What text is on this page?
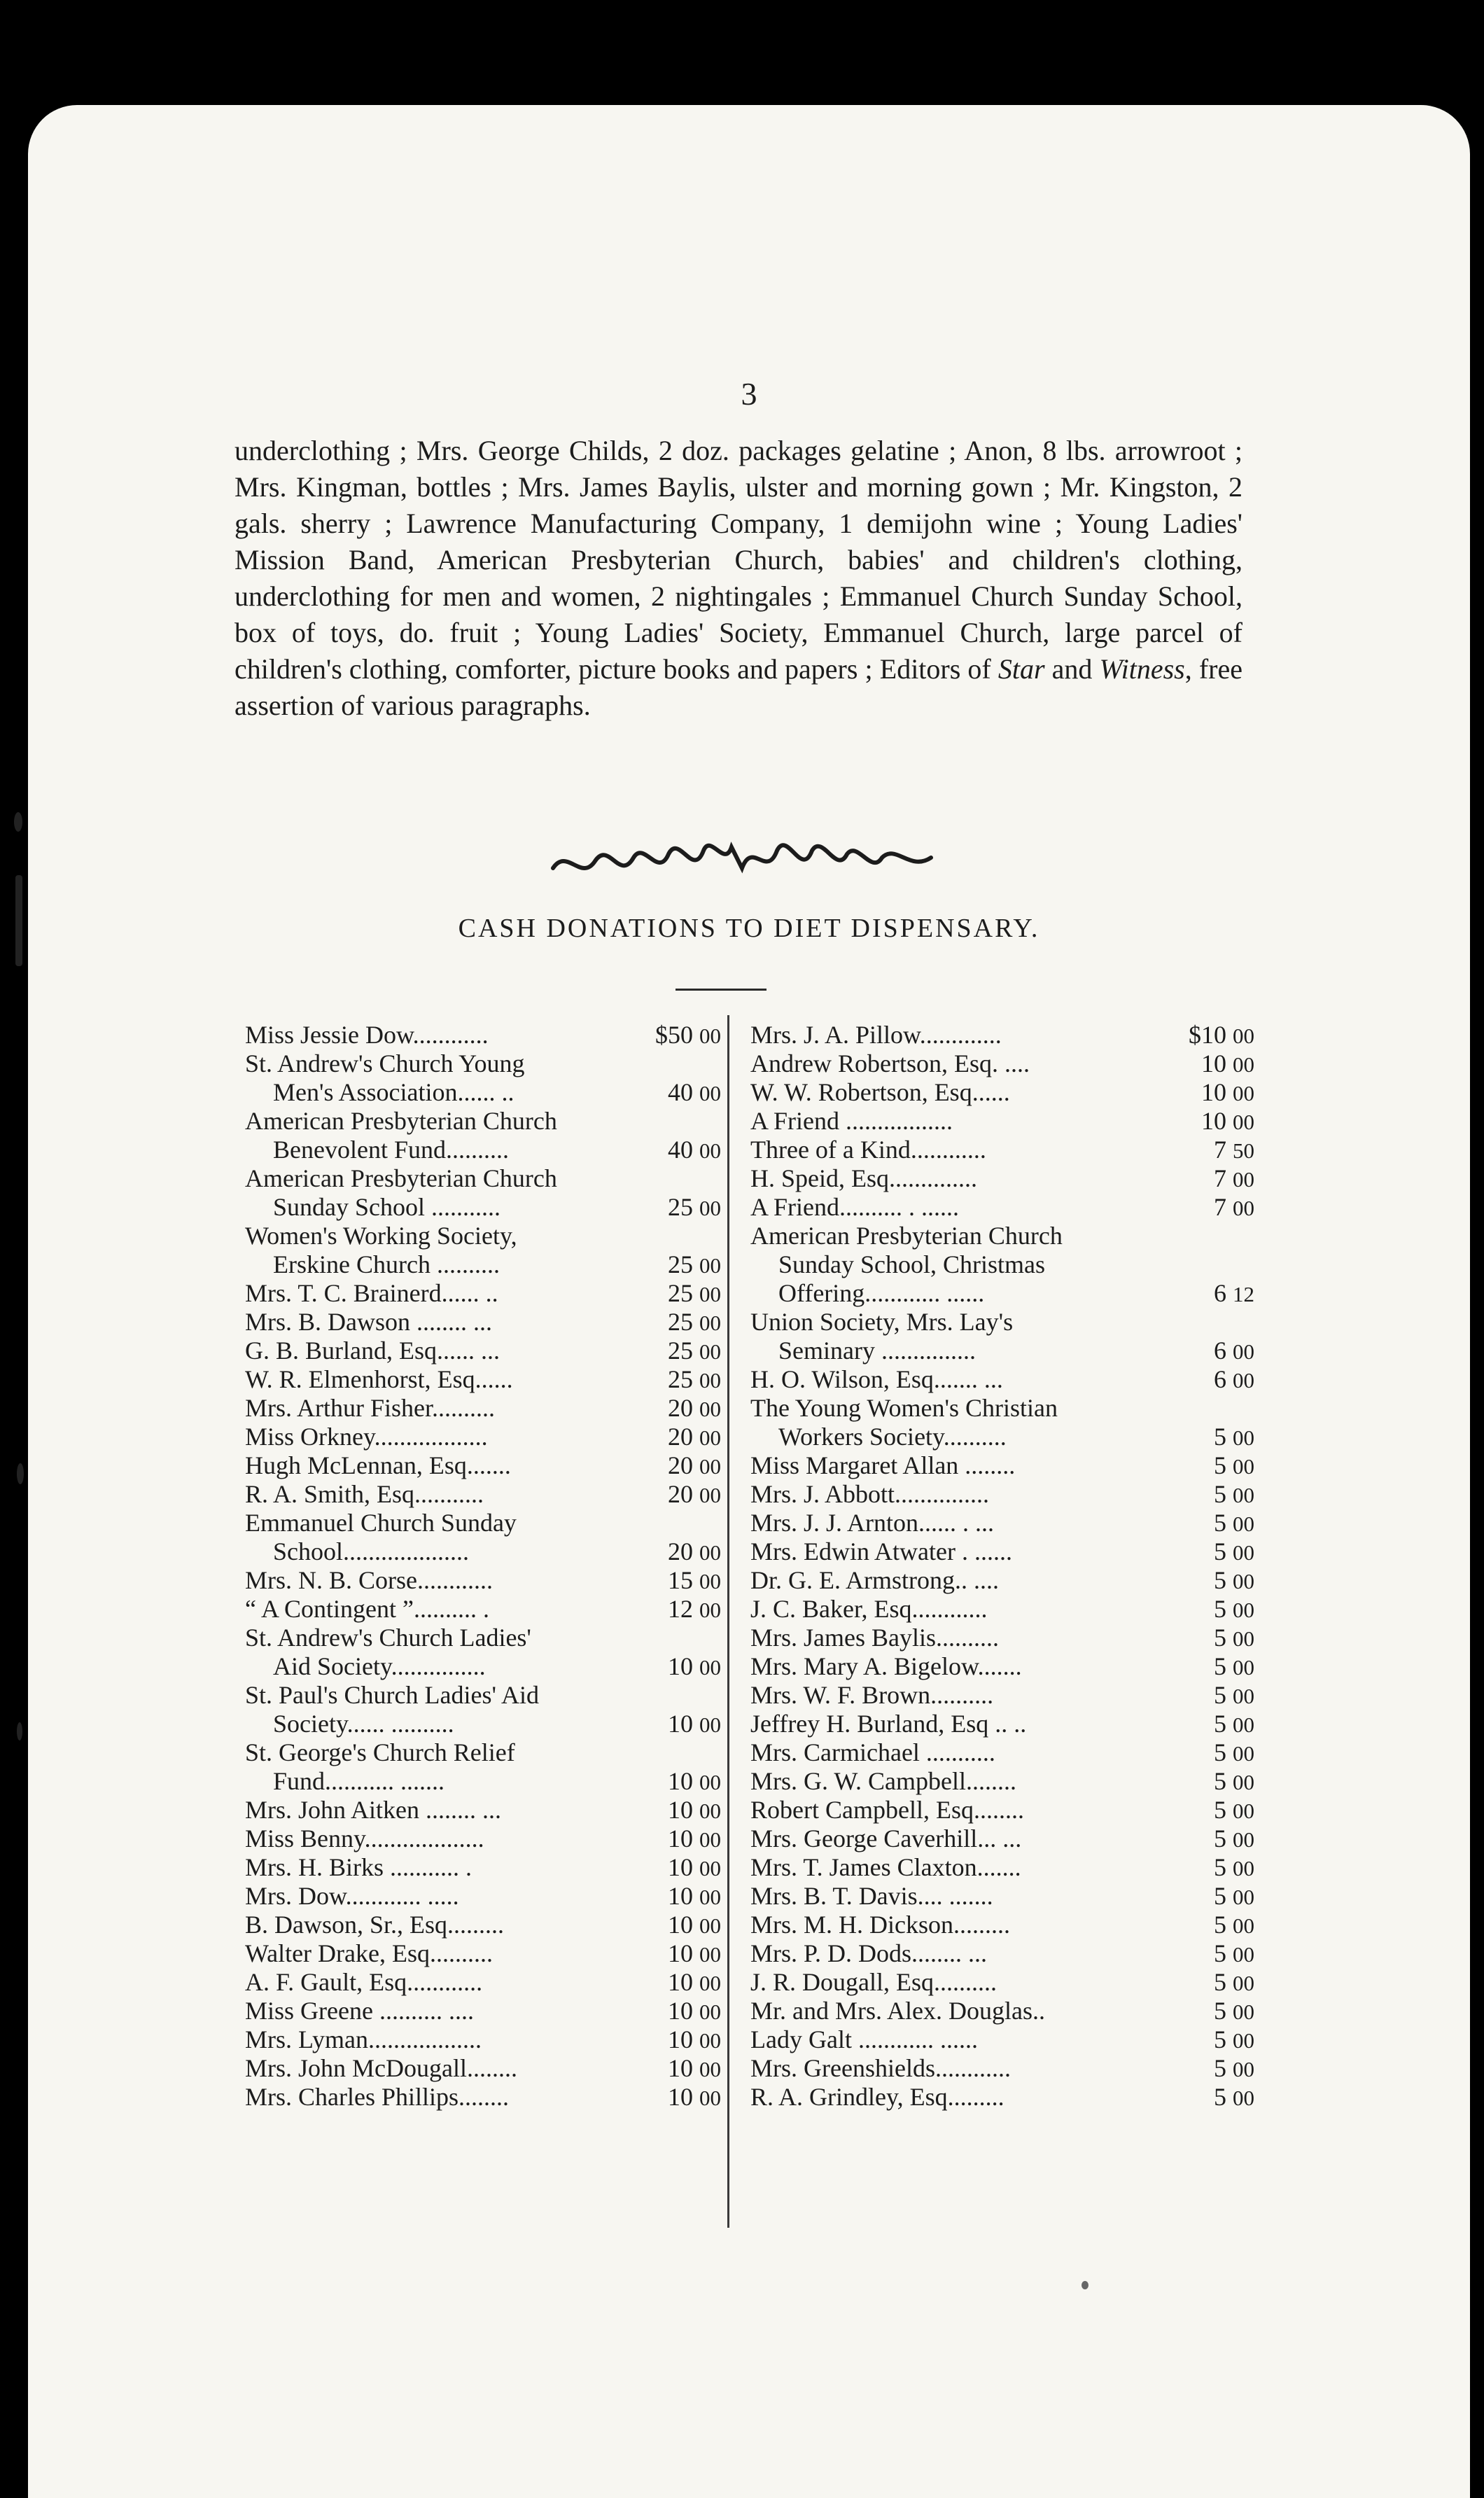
3

underclothing ; Mrs. George Childs, 2 doz. packages gelatine ; Anon, 8 lbs. arrowroot ; Mrs. Kingman, bottles ; Mrs. James Baylis, ulster and morning gown ; Mr. Kingston, 2 gals. sherry ; Lawrence Manufacturing Company, 1 demijohn wine ; Young Ladies' Mission Band, American Presbyterian Church, babies' and children's clothing, underclothing for men and women, 2 nightingales ; Emmanuel Church Sunday School, box of toys, do. fruit ; Young Ladies' Society, Emmanuel Church, large parcel of children's clothing, comforter, picture books and papers ; Editors of Star and Witness, free assertion of various paragraphs.

CASH DONATIONS TO DIET DISPENSARY.
Miss Jessie Dow............	$50 00
St. Andrew's Church Young
Men's Association...... ..	40 00
American Presbyterian Church
Benevolent Fund..........	40 00
American Presbyterian Church
Sunday School ...........	25 00
Women's Working Society,
Erskine Church ..........	25 00
Mrs. T. C. Brainerd...... ..	25 00
Mrs. B. Dawson ........ ...	25 00
G. B. Burland, Esq...... ...	25 00
W. R. Elmenhorst, Esq......	25 00
Mrs. Arthur Fisher..........	20 00
Miss Orkney..................	20 00
Hugh McLennan, Esq.......	20 00
R. A. Smith, Esq...........	20 00
Emmanuel Church Sunday
School....................	20 00
Mrs. N. B. Corse............	15 00
“ A Contingent ”.......... .	12 00
St. Andrew's Church Ladies'
Aid Society...............	10 00
St. Paul's Church Ladies' Aid
Society...... ..........	10 00
St. George's Church Relief
Fund........... .......	10 00
Mrs. John Aitken ........ ...	10 00
Miss Benny...................	10 00
Mrs. H. Birks ........... .	10 00
Mrs. Dow............ .....	10 00
B. Dawson, Sr., Esq.........	10 00
Walter Drake, Esq..........	10 00
A. F. Gault, Esq............	10 00
Miss Greene .......... ....	10 00
Mrs. Lyman..................	10 00
Mrs. John McDougall........	10 00
Mrs. Charles Phillips........	10 00
Mrs. J. A. Pillow.............	$10 00
Andrew Robertson, Esq. ....	10 00
W. W. Robertson, Esq......	10 00
A Friend .................	10 00
Three of a Kind............	7 50
H. Speid, Esq..............	7 00
A Friend.......... . ......	7 00
American Presbyterian Church
Sunday School, Christmas
Offering............ ......	6 12
Union Society, Mrs. Lay's
Seminary ...............	6 00
H. O. Wilson, Esq....... ...	6 00
The Young Women's Christian
Workers Society..........	5 00
Miss Margaret Allan ........	5 00
Mrs. J. Abbott...............	5 00
Mrs. J. J. Arnton...... . ...	5 00
Mrs. Edwin Atwater . ......	5 00
Dr. G. E. Armstrong.. ....	5 00
J. C. Baker, Esq............	5 00
Mrs. James Baylis..........	5 00
Mrs. Mary A. Bigelow.......	5 00
Mrs. W. F. Brown..........	5 00
Jeffrey H. Burland, Esq .. ..	5 00
Mrs. Carmichael ...........	5 00
Mrs. G. W. Campbell........	5 00
Robert Campbell, Esq........	5 00
Mrs. George Caverhill... ...	5 00
Mrs. T. James Claxton.......	5 00
Mrs. B. T. Davis.... .......	5 00
Mrs. M. H. Dickson.........	5 00
Mrs. P. D. Dods........ ...	5 00
J. R. Dougall, Esq..........	5 00
Mr. and Mrs. Alex. Douglas..	5 00
Lady Galt ............ ......	5 00
Mrs. Greenshields............	5 00
R. A. Grindley, Esq.........	5 00
